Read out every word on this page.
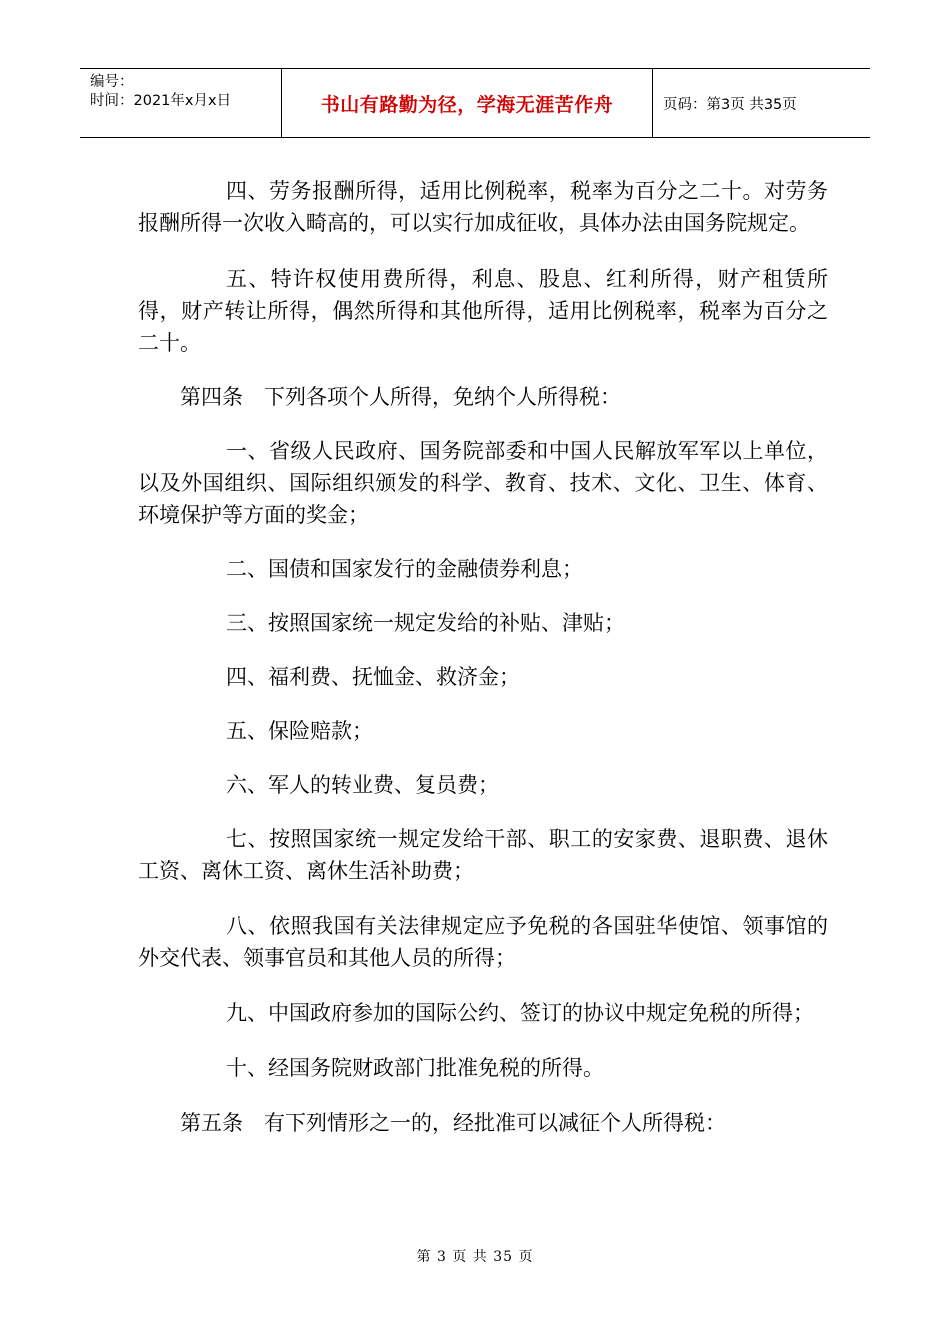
编号：
时间：2021年x月x日	书山有路勤为径，学海无涯苦作舟	页码：第3页 共35页

四、劳务报酬所得，适用比例税率，税率为百分之二十。对劳务报酬所得一次收入畸高的，可以实行加成征收，具体办法由国务院规定。

五、特许权使用费所得，利息、股息、红利所得，财产租赁所得，财产转让所得，偶然所得和其他所得，适用比例税率，税率为百分之二十。

第四条　下列各项个人所得，免纳个人所得税：

一、省级人民政府、国务院部委和中国人民解放军军以上单位，以及外国组织、国际组织颁发的科学、教育、技术、文化、卫生、体育、环境保护等方面的奖金；

二、国债和国家发行的金融债券利息；

三、按照国家统一规定发给的补贴、津贴；

四、福利费、抚恤金、救济金；

五、保险赔款；

六、军人的转业费、复员费；

七、按照国家统一规定发给干部、职工的安家费、退职费、退休工资、离休工资、离休生活补助费；

八、依照我国有关法律规定应予免税的各国驻华使馆、领事馆的外交代表、领事官员和其他人员的所得；

九、中国政府参加的国际公约、签订的协议中规定免税的所得；

十、经国务院财政部门批准免税的所得。

第五条　有下列情形之一的，经批准可以减征个人所得税：

第 3 页 共 35 页
